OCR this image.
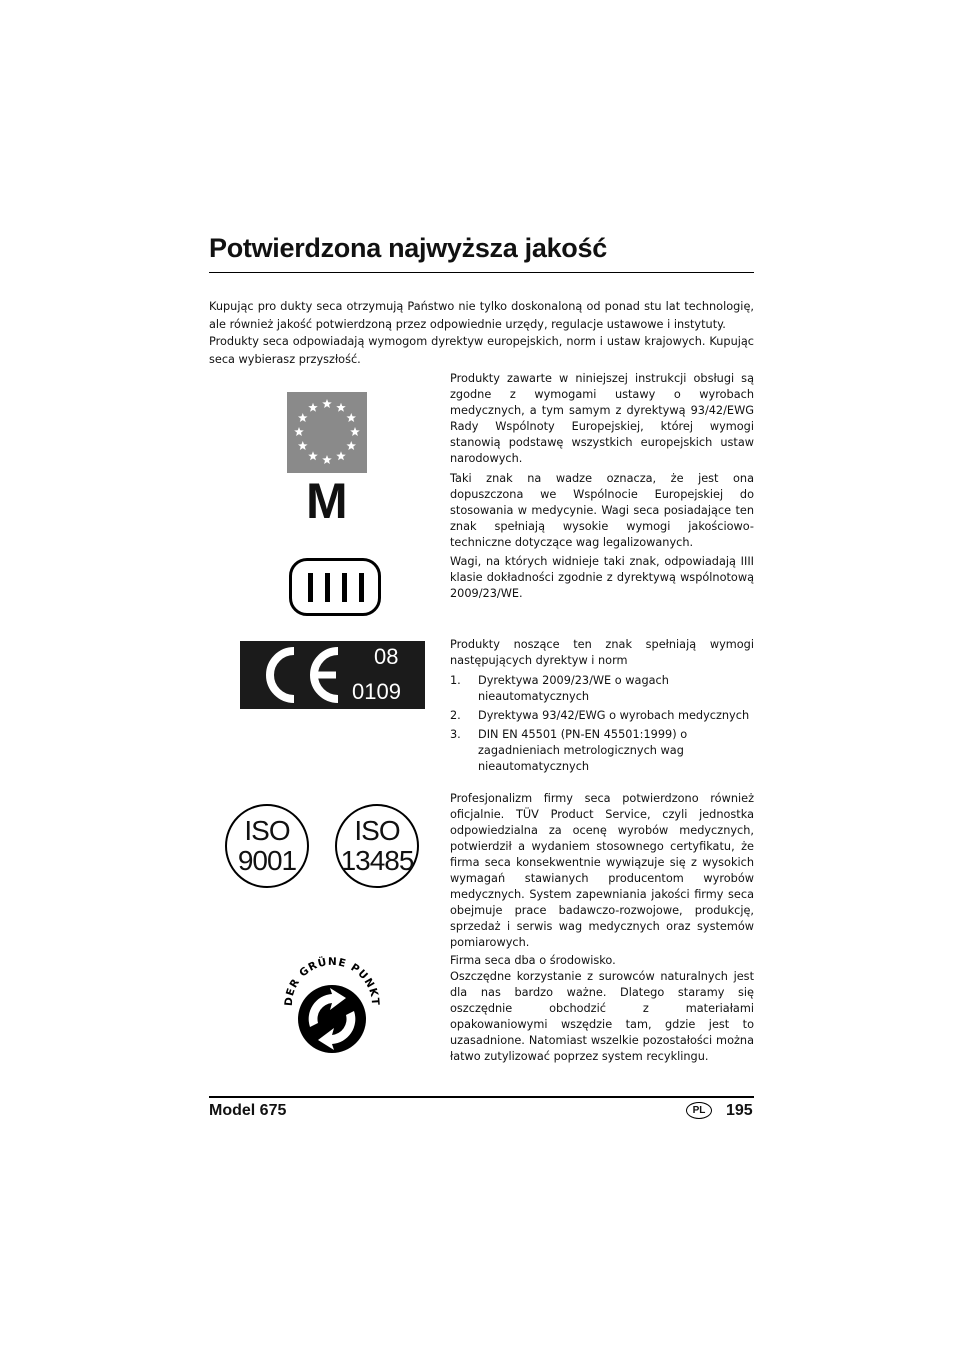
Potwierdzona najwyższa jakość

Kupując pro dukty seca otrzymują Państwo nie tylko doskonaloną od ponad stu lat technologię, ale również jakość potwierdzoną przez odpowiednie urzędy, regulacje ustawowe i instytuty.

Produkty seca odpowiadają wymogom dyrektyw europejskich, norm i ustaw krajowych. Kupując seca wybierasz przyszłość.

M
08
0109
ISO
9001
ISO
13485
DER GRÜNE PUNKT

Produkty zawarte w niniejszej instrukcji obsługi są zgodne z wymogami ustawy o wyrobach medycznych, a tym samym z dyrektywą 93/42/EWG Rady Wspólnoty Europejskiej, której wymogi stanowią podstawę wszystkich europejskich ustaw narodowych.

Taki znak na wadze oznacza, że jest ona dopuszczona we Wspólnocie Europejskiej do stosowania w medycynie. Wagi seca posiadające ten znak spełniają wysokie wymogi jakościowo-techniczne dotyczące wag legalizowanych.

Wagi, na których widnieje taki znak, odpowiadają IIII klasie dokładności zgodnie z dyrektywą wspólnotową 2009/23/WE.

Produkty noszące ten znak spełniają wymogi następujących dyrektyw i norm

1. Dyrektywa 2009/23/WE o wagach nieautomatycznych
2. Dyrektywa 93/42/EWG o wyrobach medycznych
3. DIN EN 45501 (PN-EN 45501:1999) o zagadnieniach metrologicznych wag nieautomatycznych

Profesjonalizm firmy seca potwierdzono również oficjalnie. TÜV Product Service, czyli jednostka odpowiedzialna za ocenę wyrobów medycznych, potwierdził a wydaniem stosownego certyfikatu, że firma seca konsekwentnie wywiązuje się z wysokich wymagań stawianych producentom wyrobów medycznych. System zapewniania jakości firmy seca obejmuje prace badawczo-rozwojowe, produkcję, sprzedaż i serwis wag medycznych oraz systemów pomiarowych.

Firma seca dba o środowisko.

Oszczędne korzystanie z surowców naturalnych jest dla nas bardzo ważne. Dlatego staramy się oszczędnie obchodzić z materiałami opakowaniowymi wszędzie tam, gdzie jest to uzasadnione. Natomiast wszelkie pozostałości można łatwo zutylizować poprzez system recyklingu.

Model 675	PL	195
